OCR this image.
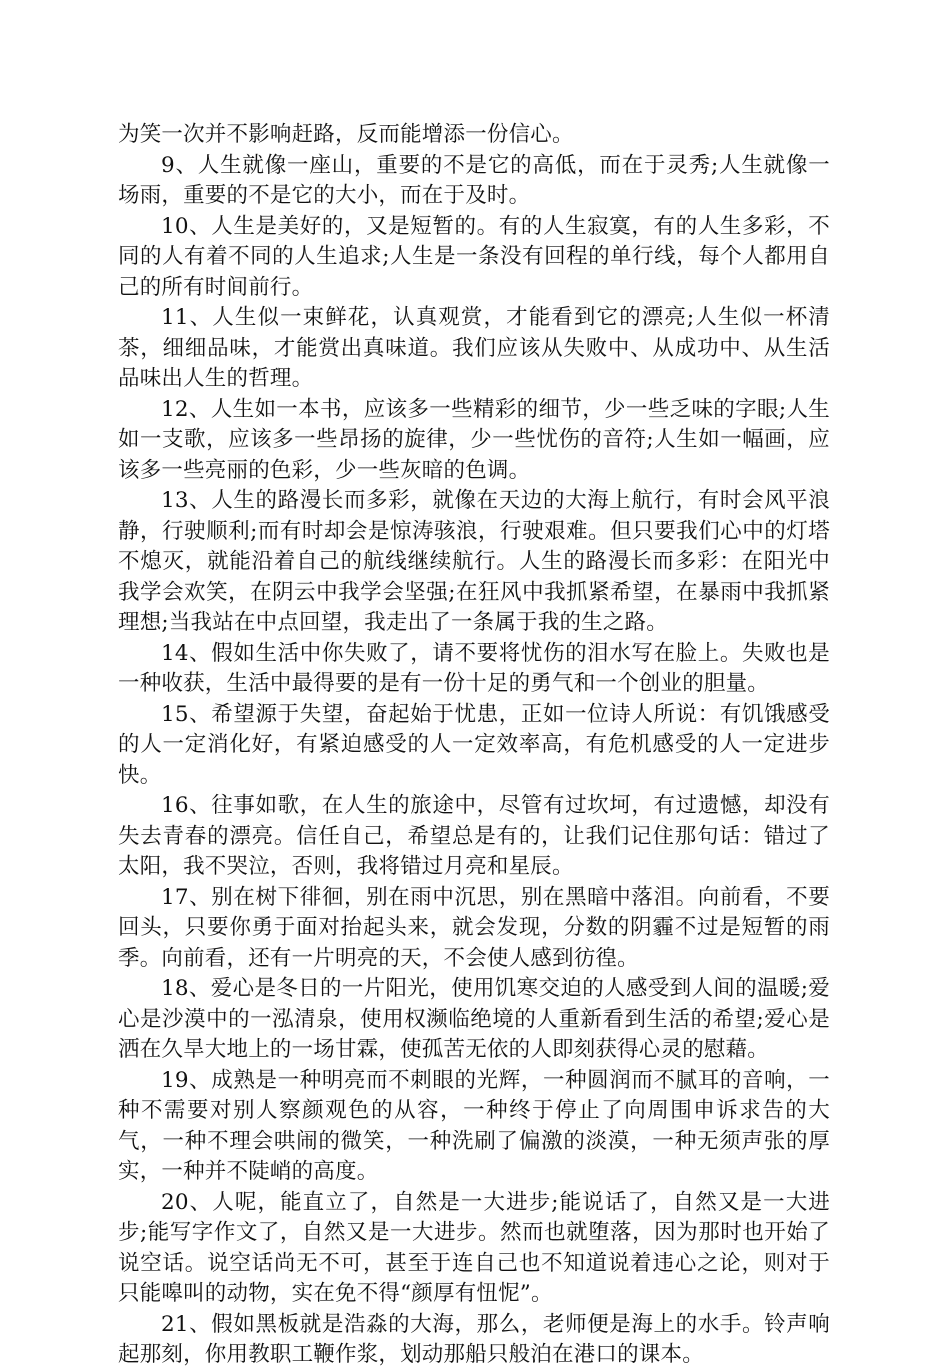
为笑一次并不影响赶路，反而能增添一份信心。

9、人生就像一座山，重要的不是它的高低，而在于灵秀;人生就像一场雨，重要的不是它的大小，而在于及时。

10、人生是美好的，又是短暂的。有的人生寂寞，有的人生多彩，不同的人有着不同的人生追求;人生是一条没有回程的单行线，每个人都用自己的所有时间前行。

11、人生似一束鲜花，认真观赏，才能看到它的漂亮;人生似一杯清茶，细细品味，才能赏出真味道。我们应该从失败中、从成功中、从生活品味出人生的哲理。

12、人生如一本书，应该多一些精彩的细节，少一些乏味的字眼;人生如一支歌，应该多一些昂扬的旋律，少一些忧伤的音符;人生如一幅画，应该多一些亮丽的色彩，少一些灰暗的色调。

13、人生的路漫长而多彩，就像在天边的大海上航行，有时会风平浪静，行驶顺利;而有时却会是惊涛骇浪，行驶艰难。但只要我们心中的灯塔不熄灭，就能沿着自己的航线继续航行。人生的路漫长而多彩：在阳光中我学会欢笑，在阴云中我学会坚强;在狂风中我抓紧希望，在暴雨中我抓紧理想;当我站在中点回望，我走出了一条属于我的生之路。

14、假如生活中你失败了，请不要将忧伤的泪水写在脸上。失败也是一种收获，生活中最得要的是有一份十足的勇气和一个创业的胆量。

15、希望源于失望，奋起始于忧患，正如一位诗人所说：有饥饿感受的人一定消化好，有紧迫感受的人一定效率高，有危机感受的人一定进步快。

16、往事如歌，在人生的旅途中，尽管有过坎坷，有过遗憾，却没有失去青春的漂亮。信任自己，希望总是有的，让我们记住那句话：错过了太阳，我不哭泣，否则，我将错过月亮和星辰。

17、别在树下徘徊，别在雨中沉思，别在黑暗中落泪。向前看，不要回头，只要你勇于面对抬起头来，就会发现，分数的阴霾不过是短暂的雨季。向前看，还有一片明亮的天，不会使人感到彷徨。

18、爱心是冬日的一片阳光，使用饥寒交迫的人感受到人间的温暖;爱心是沙漠中的一泓清泉，使用权濒临绝境的人重新看到生活的希望;爱心是洒在久旱大地上的一场甘霖，使孤苦无依的人即刻获得心灵的慰藉。

19、成熟是一种明亮而不刺眼的光辉，一种圆润而不腻耳的音响，一种不需要对别人察颜观色的从容，一种终于停止了向周围申诉求告的大气，一种不理会哄闹的微笑，一种洗刷了偏激的淡漠，一种无须声张的厚实，一种并不陡峭的高度。

20、人呢，能直立了，自然是一大进步;能说话了，自然又是一大进步;能写字作文了，自然又是一大进步。然而也就堕落，因为那时也开始了说空话。说空话尚无不可，甚至于连自己也不知道说着违心之论，则对于只能嗥叫的动物，实在免不得“颜厚有忸怩”。

21、假如黑板就是浩淼的大海，那么，老师便是海上的水手。铃声响起那刻，你用教职工鞭作浆，划动那船只般泊在港口的课本。
